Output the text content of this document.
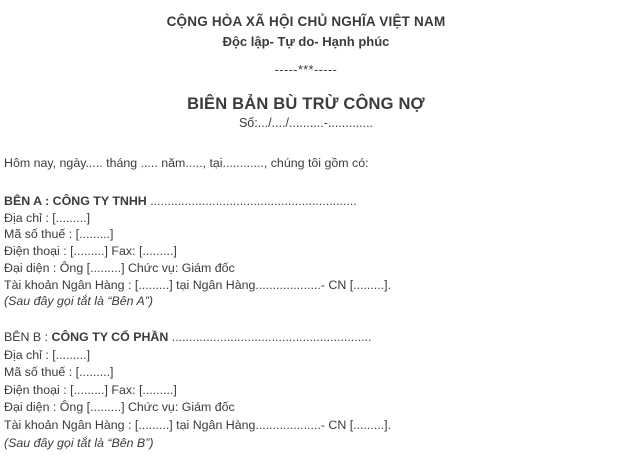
CỘNG HÒA XÃ HỘI CHỦ NGHĨA VIỆT NAM
Độc lập- Tự do- Hạnh phúc
-----***-----
BIÊN BẢN BÙ TRỪ CÔNG NỢ
Số:.../..../..........-.............

Hôm nay, ngày..... tháng ..... năm....., tại............, chúng tôi gồm có:

BÊN A : CÔNG TY TNHH ............................................................
Địa chỉ : [.........]
Mã số thuế : [.........]
Điện thoại : [.........] Fax: [.........]
Đại diện : Ông [.........] Chức vụ: Giám đốc
Tài khoản Ngân Hàng : [.........] tại Ngân Hàng...................- CN [.........].
(Sau đây gọi tắt là “Bên A”)
BÊN B : CÔNG TY CỔ PHẦN ..........................................................
Địa chỉ : [.........]
Mã số thuế : [.........]
Điện thoại : [.........] Fax: [.........]
Đại diện : Ông [.........] Chức vụ: Giám đốc
Tài khoản Ngân Hàng : [.........] tại Ngân Hàng...................- CN [.........].
(Sau đây gọi tắt là “Bên B”)
